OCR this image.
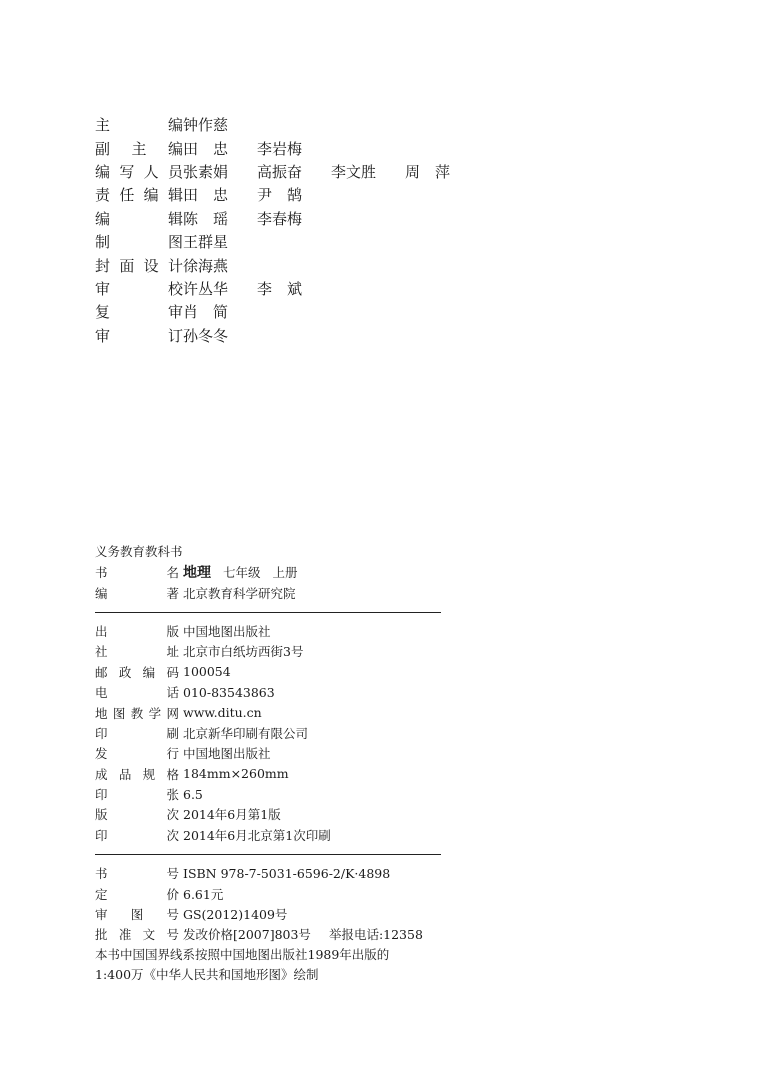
主	编 钟作慈
副 主 编 田　忠	李岩梅
编 写 人 员 张素娟	高振奋	李文胜	周　萍
责 任 编 辑 田　忠	尹　鹄
编	辑 陈　瑶	李春梅
制	图 王群星
封 面 设 计 徐海燕
审	校 许丛华	李　斌
复	审 肖　简
审	订 孙冬冬
义务教育教科书
书	名 地理 七年级 上册
编	著 北京教育科学研究院
出	版 中国地图出版社
社	址 北京市白纸坊西街3号
邮 政 编 码 100054
电	话 010-83543863
地 图 教 学 网 www.ditu.cn
印	刷 北京新华印刷有限公司
发	行 中国地图出版社
成 品 规 格 184mm×260mm
印	张 6.5
版	次 2014年6月第1版
印	次 2014年6月北京第1次印刷
书	号 ISBN 978-7-5031-6596-2/K·4898
定	价 6.61元
审 图 号 GS(2012)1409号
批 准 文 号 发改价格[2007]803号 举报电话:12358
本书中国国界线系按照中国地图出版社1989年出版的
1:400万《中华人民共和国地形图》绘制
